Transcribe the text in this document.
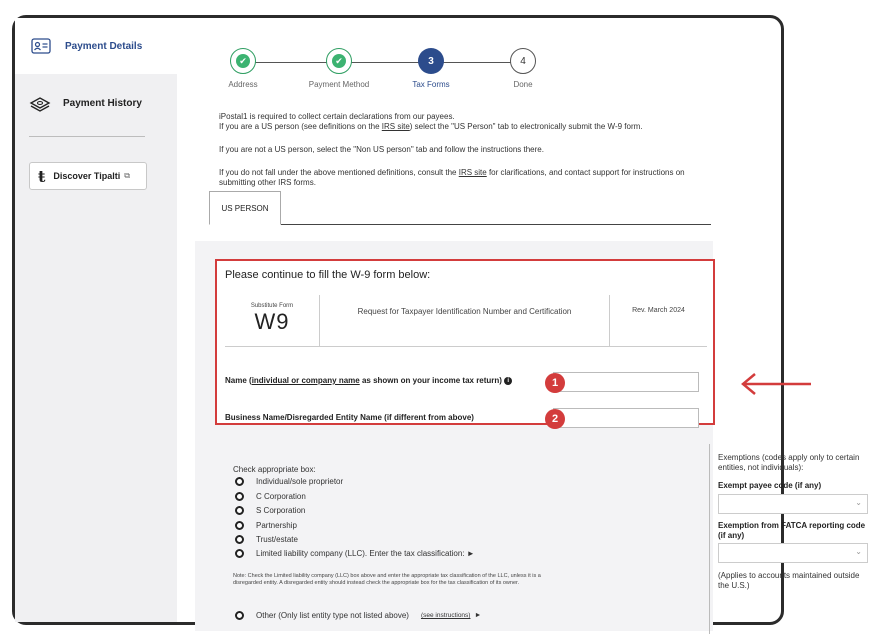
Payment Details
Payment History
ŧ Discover Tipalti ⧉
✔
Address
✔
Payment Method
3
Tax Forms
4
Done
iPostal1 is required to collect certain declarations from our payees.
If you are a US person (see definitions on the IRS site) select the "US Person" tab to electronically submit the W-9 form.
If you are not a US person, select the "Non US person" tab and follow the instructions there.
If you do not fall under the above mentioned definitions, consult the IRS site for clarifications, and contact support for instructions on submitting other IRS forms.
US PERSON
Please continue to fill the W-9 form below:
Substitute Form
W9	Request for Taxpayer Identification Number and Certification	Rev. March 2024
Name (individual or company name as shown on your income tax return) i	1
Business Name/Disregarded Entity Name (if different from above)	2
Check appropriate box:
Individual/sole proprietor
C Corporation
S Corporation
Partnership
Trust/estate
Limited liability company (LLC). Enter the tax classification: ►
Note: Check the Limited liability company (LLC) box above and enter the appropriate tax classification of the LLC, unless it is a disregarded entity. A disregarded entity should instead check the appropriate box for the tax classification of its owner.
Other (Only list entity type not listed above) (see instructions) ►
Exemptions (codes apply only to certain entities, not individuals):
Exempt payee code (if any)
⌄
Exemption from FATCA reporting code (if any)
⌄
(Applies to accounts maintained outside the U.S.)
